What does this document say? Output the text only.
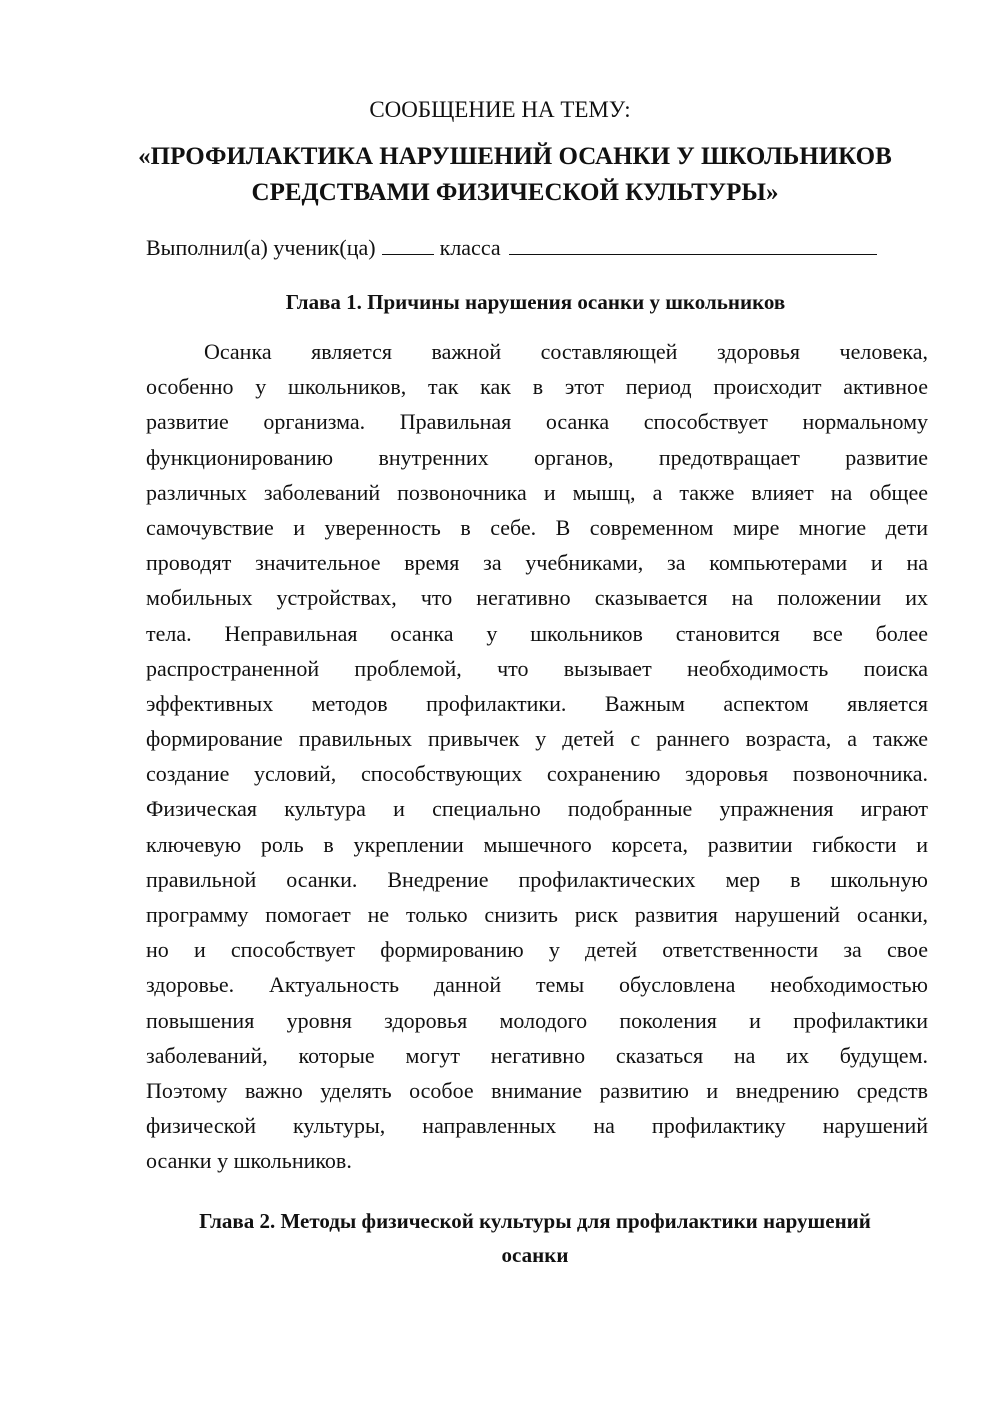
СООБЩЕНИЕ НА ТЕМУ:
«ПРОФИЛАКТИКА НАРУШЕНИЙ ОСАНКИ У ШКОЛЬНИКОВ
СРЕДСТВАМИ ФИЗИЧЕСКОЙ КУЛЬТУРЫ»
Выполнил(а) ученик(ца)	класса
Глава 1. Причины нарушения осанки у школьников
Осанка является важной составляющей здоровья человека,
особенно у школьников, так как в этот период происходит активное
развитие организма. Правильная осанка способствует нормальному
функционированию внутренних органов, предотвращает развитие
различных заболеваний позвоночника и мышц, а также влияет на общее
самочувствие и уверенность в себе. В современном мире многие дети
проводят значительное время за учебниками, за компьютерами и на
мобильных устройствах, что негативно сказывается на положении их
тела. Неправильная осанка у школьников становится все более
распространенной проблемой, что вызывает необходимость поиска
эффективных методов профилактики. Важным аспектом является
формирование правильных привычек у детей с раннего возраста, а также
создание условий, способствующих сохранению здоровья позвоночника.
Физическая культура и специально подобранные упражнения играют
ключевую роль в укреплении мышечного корсета, развитии гибкости и
правильной осанки. Внедрение профилактических мер в школьную
программу помогает не только снизить риск развития нарушений осанки,
но и способствует формированию у детей ответственности за свое
здоровье. Актуальность данной темы обусловлена необходимостью
повышения уровня здоровья молодого поколения и профилактики
заболеваний, которые могут негативно сказаться на их будущем.
Поэтому важно уделять особое внимание развитию и внедрению средств
физической культуры, направленных на профилактику нарушений
осанки у школьников.
Глава 2. Методы физической культуры для профилактики нарушений
осанки
